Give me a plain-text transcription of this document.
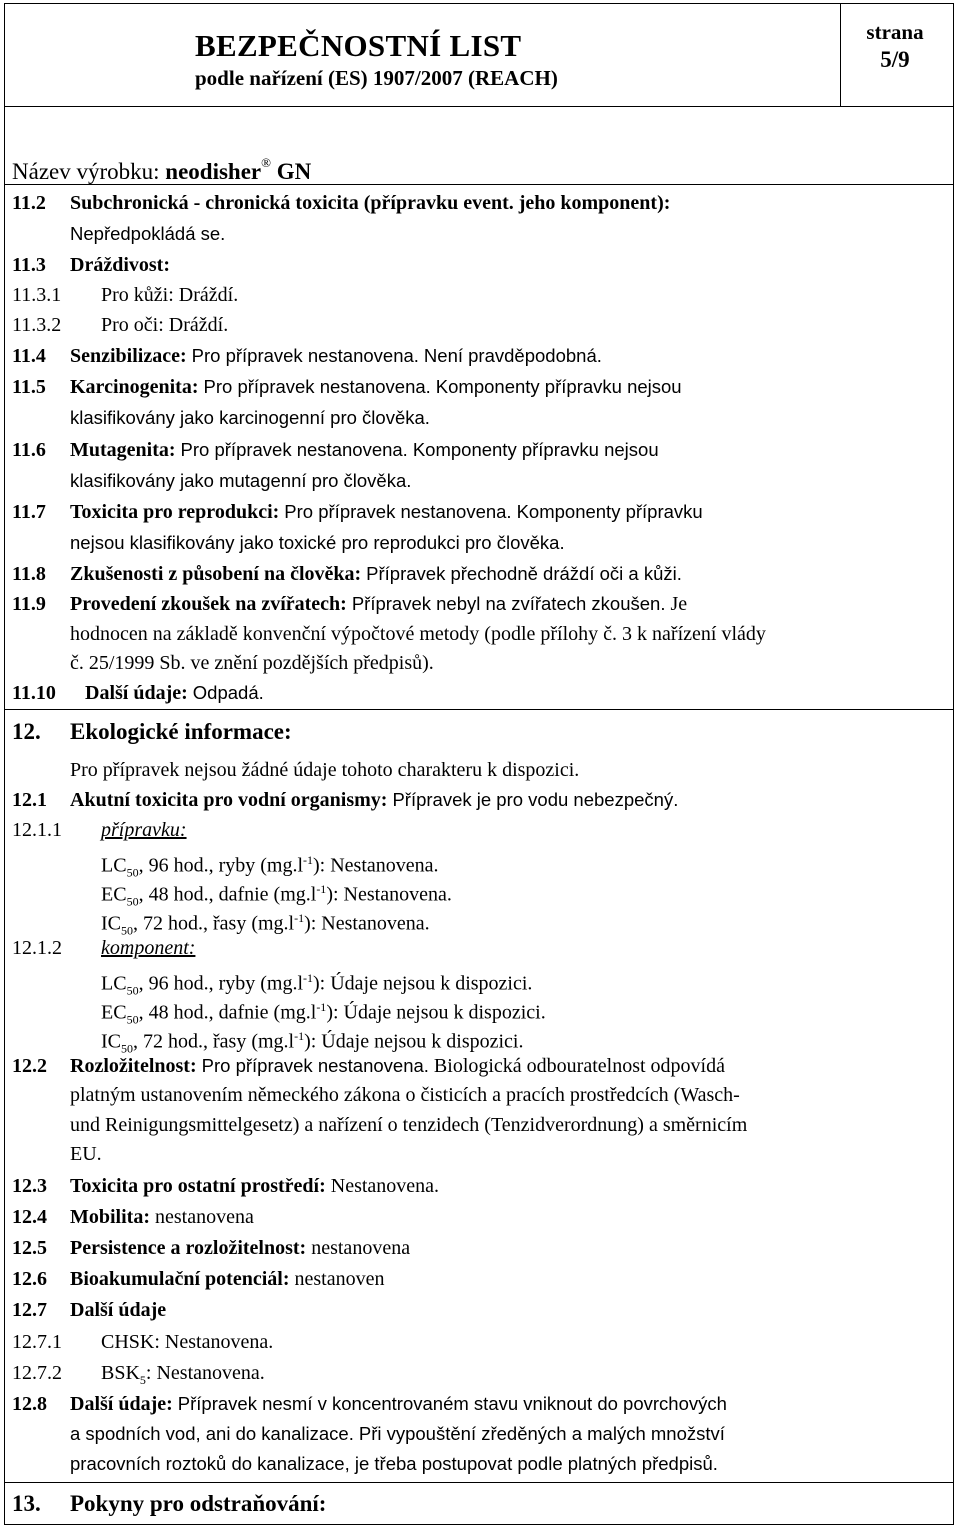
BEZPEČNOSTNÍ LIST
podle nařízení (ES) 1907/2007 (REACH)
strana
5/9
Název výrobku: neodisher® GN
11.2 Subchronická - chronická toxicita (přípravku event. jeho komponent):
Nepředpokládá se.
11.3 Dráždivost:
11.3.1 Pro kůži: Dráždí.
11.3.2 Pro oči: Dráždí.
11.4 Senzibilizace: Pro přípravek nestanovena. Není pravděpodobná.
11.5 Karcinogenita: Pro přípravek nestanovena. Komponenty přípravku nejsou
klasifikovány jako karcinogenní pro člověka.
11.6 Mutagenita: Pro přípravek nestanovena. Komponenty přípravku nejsou
klasifikovány jako mutagenní pro člověka.
11.7 Toxicita pro reprodukci: Pro přípravek nestanovena. Komponenty přípravku
nejsou klasifikovány jako toxické pro reprodukci pro člověka.
11.8 Zkušenosti z působení na člověka: Přípravek přechodně dráždí oči a kůži.
11.9 Provedení zkoušek na zvířatech: Přípravek nebyl na zvířatech zkoušen. Je
hodnocen na základě konvenční výpočtové metody (podle přílohy č. 3 k nařízení vlády
č. 25/1999 Sb. ve znění pozdějších předpisů).
11.10 Další údaje: Odpadá.
12. Ekologické informace:
Pro přípravek nejsou žádné údaje tohoto charakteru k dispozici.
12.1 Akutní toxicita pro vodní organismy: Přípravek je pro vodu nebezpečný.
12.1.1 přípravku:
$LC_{50}$, 96 hod., ryby $(mg.l^{-1})$: Nestanovena.
$EC_{50}$, 48 hod., dafnie $(mg.l^{-1})$: Nestanovena.
$IC_{50}$, 72 hod., řasy $(mg.l^{-1})$: Nestanovena.
12.1.2 komponent:
$LC_{50}$, 96 hod., ryby $(mg.l^{-1})$: Údaje nejsou k dispozici.
$EC_{50}$, 48 hod., dafnie $(mg.l^{-1})$: Údaje nejsou k dispozici.
$IC_{50}$, 72 hod., řasy $(mg.l^{-1})$: Údaje nejsou k dispozici.
12.2 Rozložitelnost: Pro přípravek nestanovena. Biologická odbouratelnost odpovídá
platným ustanovením německého zákona o čisticích a pracích prostředcích (Wasch-
und Reinigungsmittelgesetz) a nařízení o tenzidech (Tenzidverordnung) a směrnicím
EU.
12.3 Toxicita pro ostatní prostředí: Nestanovena.
12.4 Mobilita: nestanovena
12.5 Persistence a rozložitelnost: nestanovena
12.6 Bioakumulační potenciál: nestanoven
12.7 Další údaje
12.7.1 CHSK: Nestanovena.
12.7.2 $BSK_5$: Nestanovena.
12.8 Další údaje: Přípravek nesmí v koncentrovaném stavu vniknout do povrchových
a spodních vod, ani do kanalizace. Při vypouštění zředěných a malých množství
pracovních roztoků do kanalizace, je třeba postupovat podle platných předpisů.
13. Pokyny pro odstraňování:
